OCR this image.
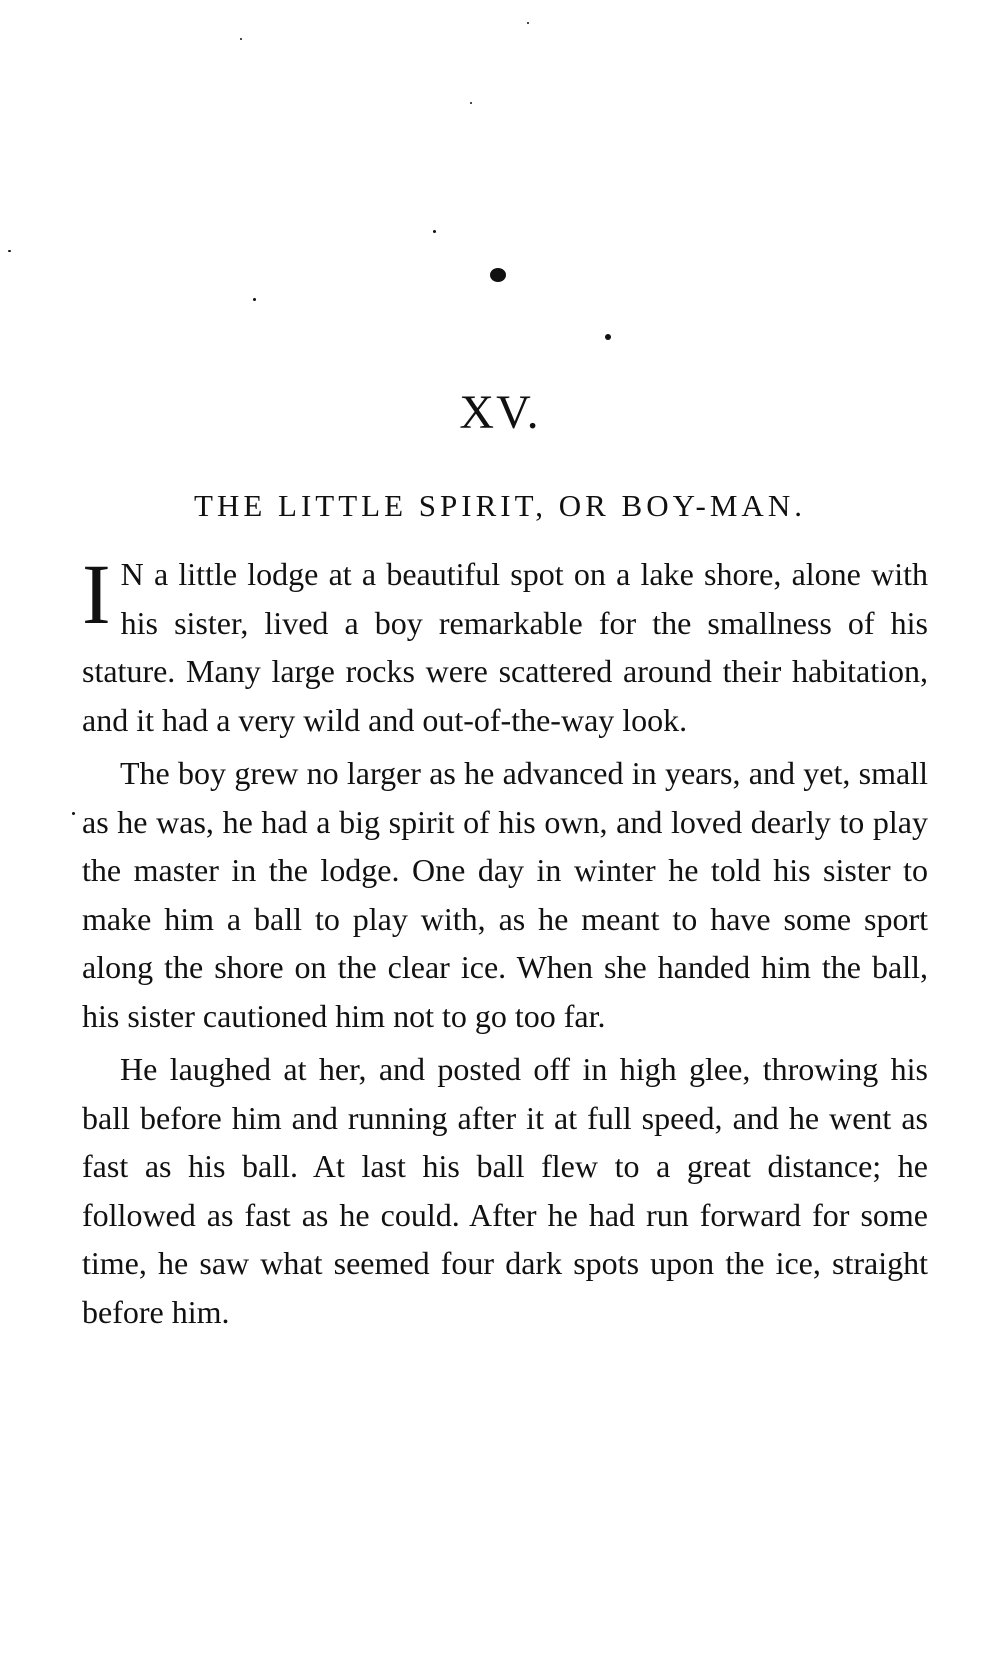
XV.
THE LITTLE SPIRIT, OR BOY-MAN.

I N a little lodge at a beautiful spot on a lake shore, alone with his sister, lived a boy remarkable for the smallness of his stature. Many large rocks were scattered around their habitation, and it had a very wild and out-of-the-way look.

The boy grew no larger as he advanced in years, and yet, small as he was, he had a big spirit of his own, and loved dearly to play the master in the lodge. One day in winter he told his sister to make him a ball to play with, as he meant to have some sport along the shore on the clear ice. When she handed him the ball, his sister cautioned him not to go too far.

He laughed at her, and posted off in high glee, throwing his ball before him and running after it at full speed, and he went as fast as his ball. At last his ball flew to a great distance; he followed as fast as he could. After he had run forward for some time, he saw what seemed four dark spots upon the ice, straight before him.
